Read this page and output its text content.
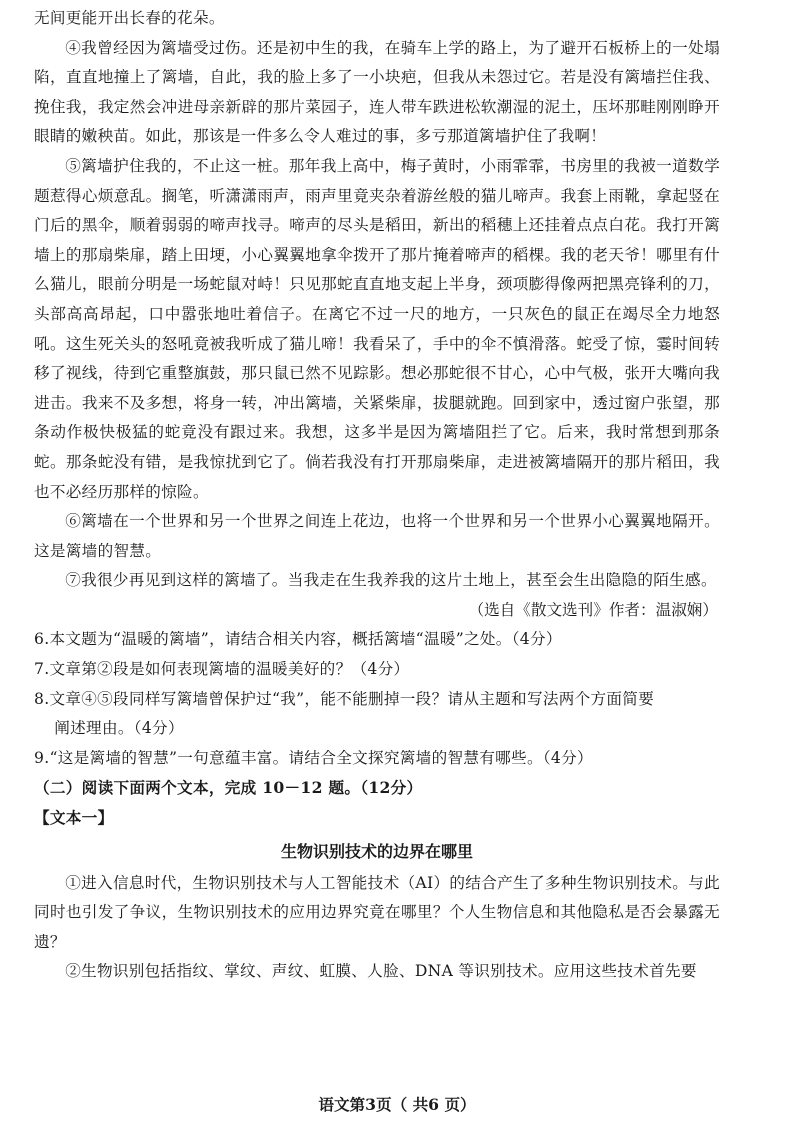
无间更能开出长春的花朵。

④我曾经因为篱墙受过伤。还是初中生的我，在骑车上学的路上，为了避开石板桥上的一处塌陷，直直地撞上了篱墙，自此，我的脸上多了一小块疤，但我从未怨过它。若是没有篱墙拦住我、挽住我，我定然会冲进母亲新辟的那片菜园子，连人带车跌进松软潮湿的泥土，压坏那畦刚刚睁开眼睛的嫩秧苗。如此，那该是一件多么令人难过的事，多亏那道篱墙护住了我啊！

⑤篱墙护住我的，不止这一桩。那年我上高中，梅子黄时，小雨霏霏，书房里的我被一道数学题惹得心烦意乱。搁笔，听潇潇雨声，雨声里竟夹杂着游丝般的猫儿啼声。我套上雨靴，拿起竖在门后的黑伞，顺着弱弱的啼声找寻。啼声的尽头是稻田，新出的稻穗上还挂着点点白花。我打开篱墙上的那扇柴扉，踏上田埂，小心翼翼地拿伞拨开了那片掩着啼声的稻棵。我的老天爷！哪里有什么猫儿，眼前分明是一场蛇鼠对峙！只见那蛇直直地支起上半身，颈项膨得像两把黑亮锋利的刀，头部高高昂起，口中嚣张地吐着信子。在离它不过一尺的地方，一只灰色的鼠正在竭尽全力地怒吼。这生死关头的怒吼竟被我听成了猫儿啼！我看呆了，手中的伞不慎滑落。蛇受了惊，霎时间转移了视线，待到它重整旗鼓，那只鼠已然不见踪影。想必那蛇很不甘心，心中气极，张开大嘴向我进击。我来不及多想，将身一转，冲出篱墙，关紧柴扉，拔腿就跑。回到家中，透过窗户张望，那条动作极快极猛的蛇竟没有跟过来。我想，这多半是因为篱墙阻拦了它。后来，我时常想到那条蛇。那条蛇没有错，是我惊扰到它了。倘若我没有打开那扇柴扉，走进被篱墙隔开的那片稻田，我也不必经历那样的惊险。

⑥篱墙在一个世界和另一个世界之间连上花边，也将一个世界和另一个世界小心翼翼地隔开。这是篱墙的智慧。

⑦我很少再见到这样的篱墙了。当我走在生我养我的这片土地上，甚至会生出隐隐的陌生感。

（选自《散文选刊》作者：温淑娴）

6.本文题为“温暖的篱墙”，请结合相关内容，概括篱墙“温暖”之处。（4分）

7.文章第②段是如何表现篱墙的温暖美好的？（4分）

8.文章④⑤段同样写篱墙曾保护过“我”，能不能删掉一段？请从主题和写法两个方面简要

阐述理由。（4分）

9.“这是篱墙的智慧”一句意蕴丰富。请结合全文探究篱墙的智慧有哪些。（4分）

（二）阅读下面两个文本，完成 10－12 题。（12分）

【文本一】

生物识别技术的边界在哪里

①进入信息时代，生物识别技术与人工智能技术（AI）的结合产生了多种生物识别技术。与此同时也引发了争议，生物识别技术的应用边界究竟在哪里？个人生物信息和其他隐私是否会暴露无遗？

②生物识别包括指纹、掌纹、声纹、虹膜、人脸、DNA 等识别技术。应用这些技术首先要

语文第3页（ 共6 页）
